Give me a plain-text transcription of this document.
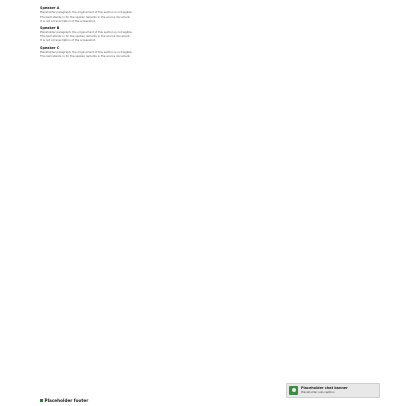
Speaker A
Placeholder paragraph: the original text of this section is not legible.
This text stands in for the spoken remarks in the source document.
It is not a transcription of the screenshot.
Speaker B
Placeholder paragraph: the original text of this section is not legible.
This text stands in for the spoken remarks in the source document.
It is not a transcription of the screenshot.
Speaker C
Placeholder paragraph: the original text of this section is not legible.
This text stands in for the spoken remarks in the source document.
Placeholder footer
Placeholder chat banner
Placeholder sub-caption
